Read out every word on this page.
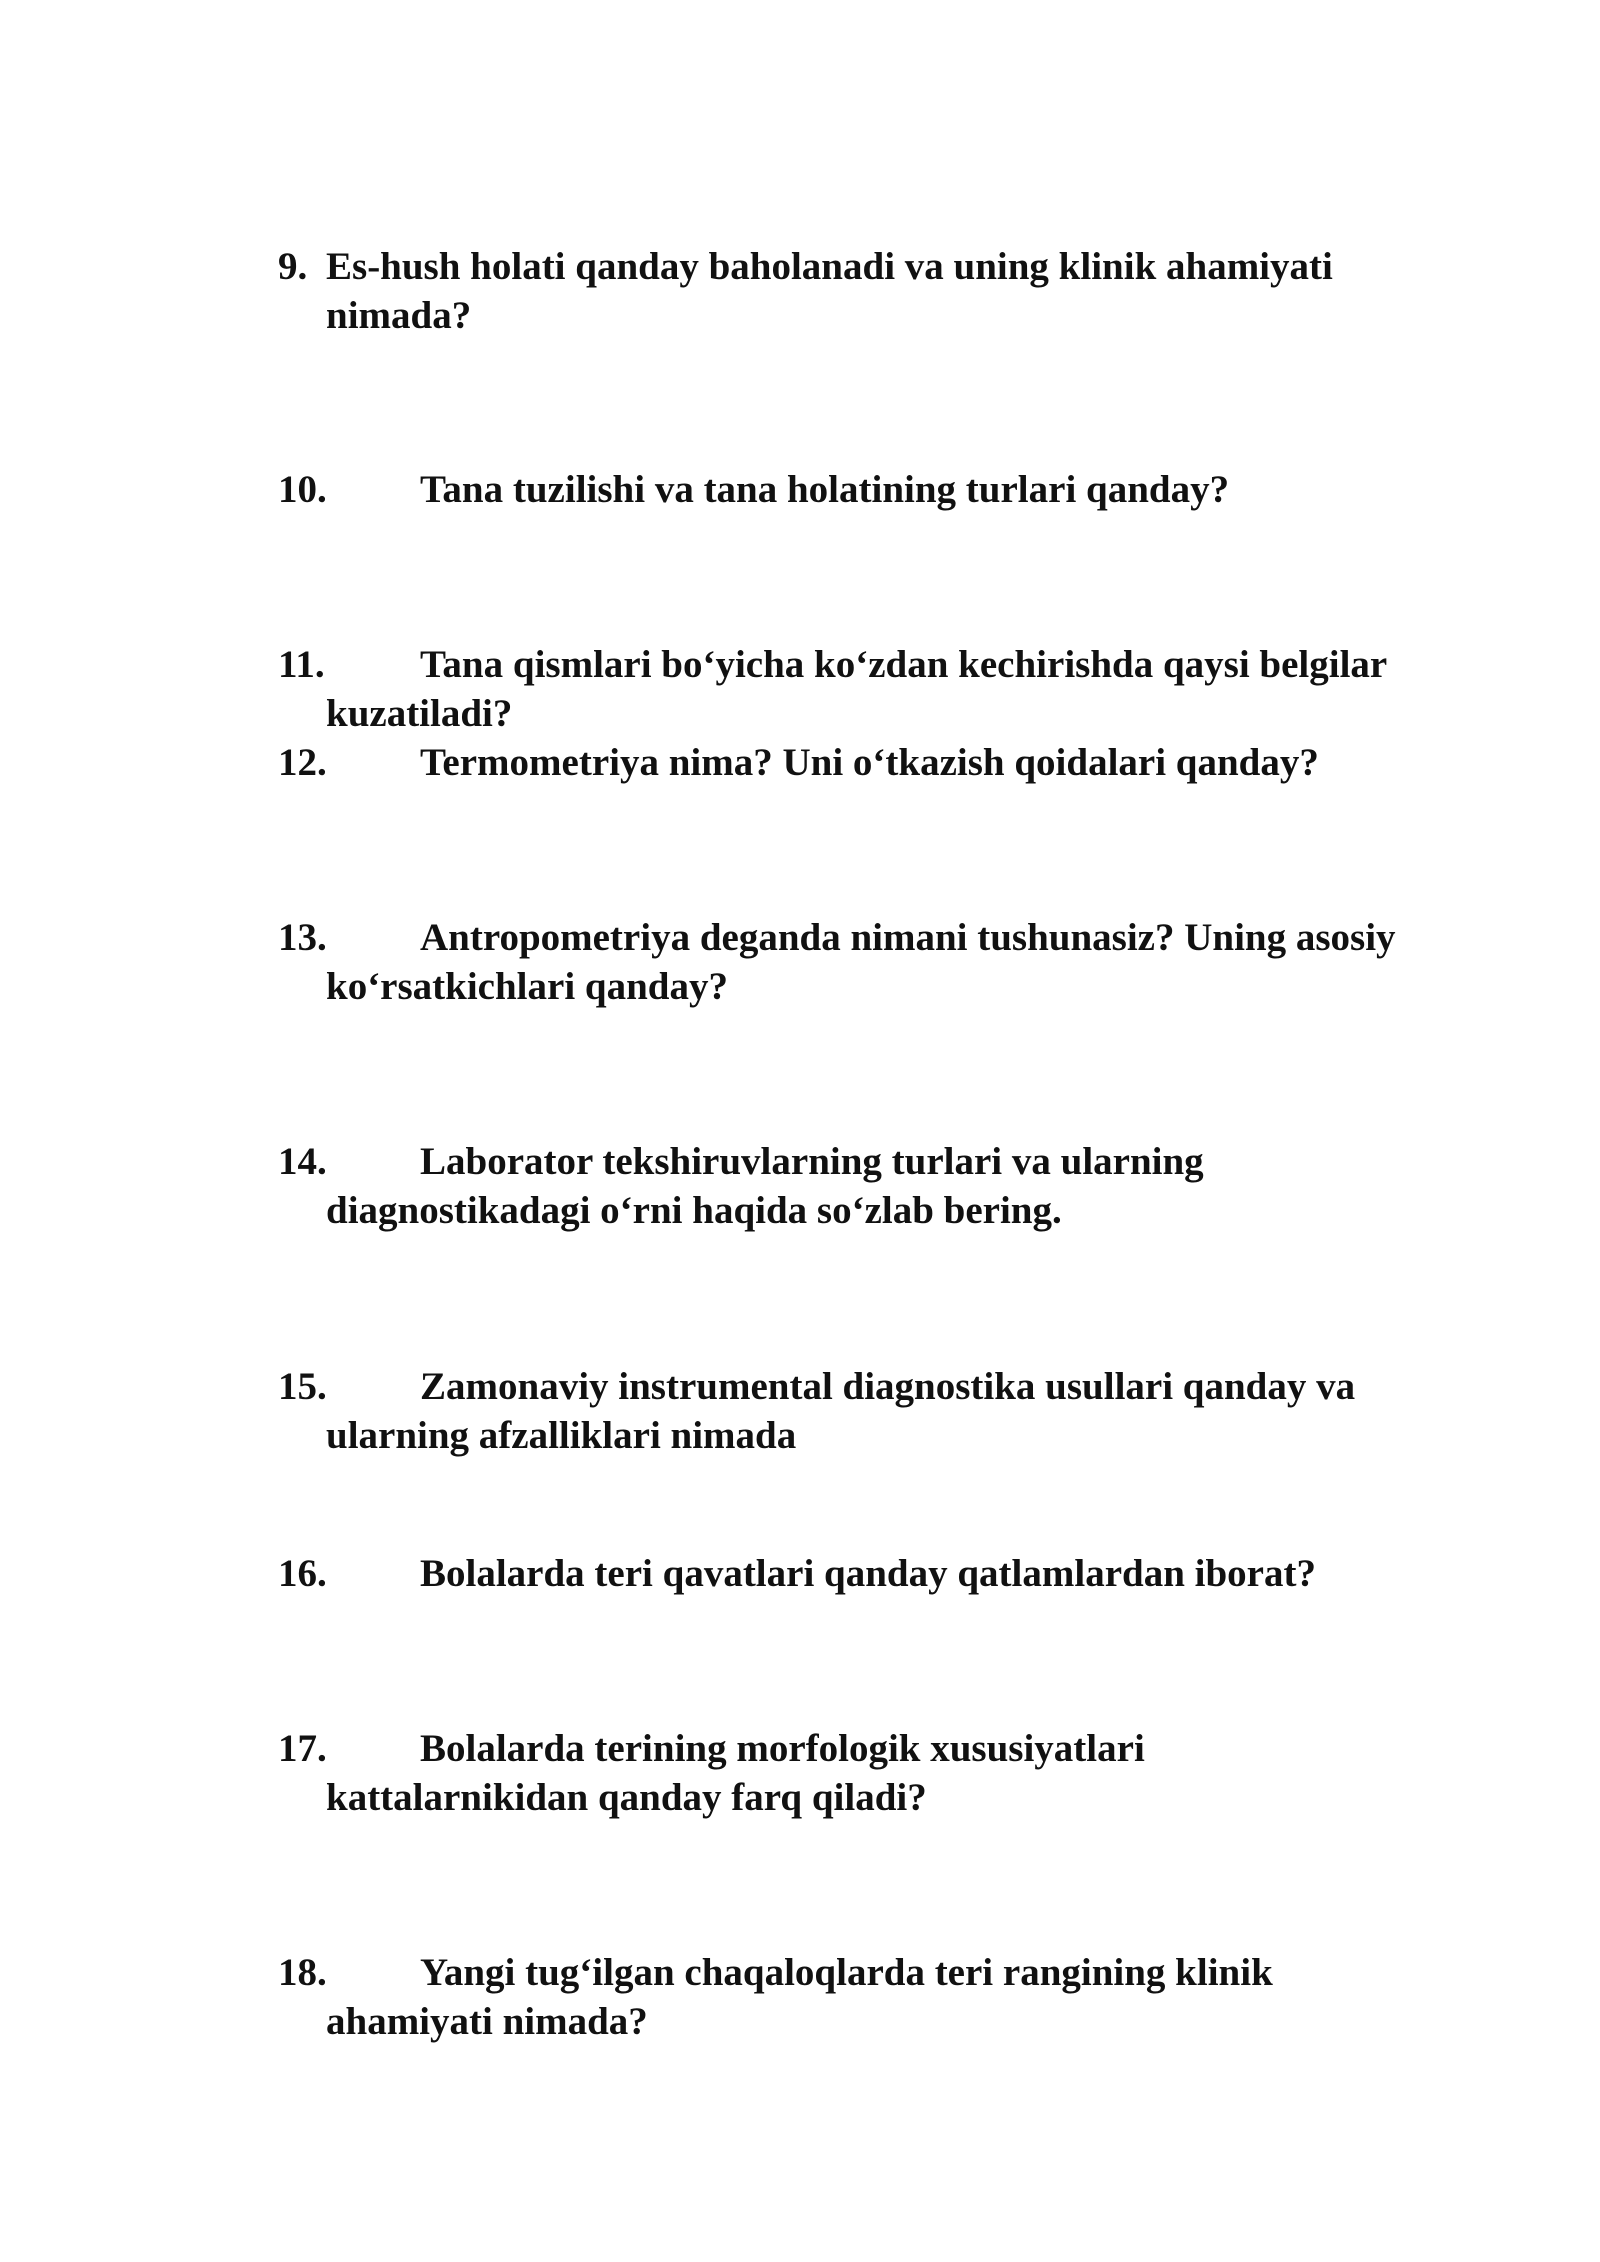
9. Es-hush holati qanday baholanadi va uning klinik ahamiyati nimada?

10.	Tana tuzilishi va tana holatining turlari qanday?

11.	Tana qismlari bo‘yicha ko‘zdan kechirishda qaysi belgilar kuzatiladi?

12.	Termometriya nima? Uni o‘tkazish qoidalari qanday?

13.	Antropometriya deganda nimani tushunasiz? Uning asosiy ko‘rsatkichlari qanday?

14.	Laborator tekshiruvlarning turlari va ularning diagnostikadagi o‘rni haqida so‘zlab bering.

15.	Zamonaviy instrumental diagnostika usullari qanday va ularning afzalliklari nimada

16.	Bolalarda teri qavatlari qanday qatlamlardan iborat?

17.	Bolalarda terining morfologik xususiyatlari kattalarnikidan qanday farq qiladi?

18.	Yangi tug‘ilgan chaqaloqlarda teri rangining klinik ahamiyati nimada?
